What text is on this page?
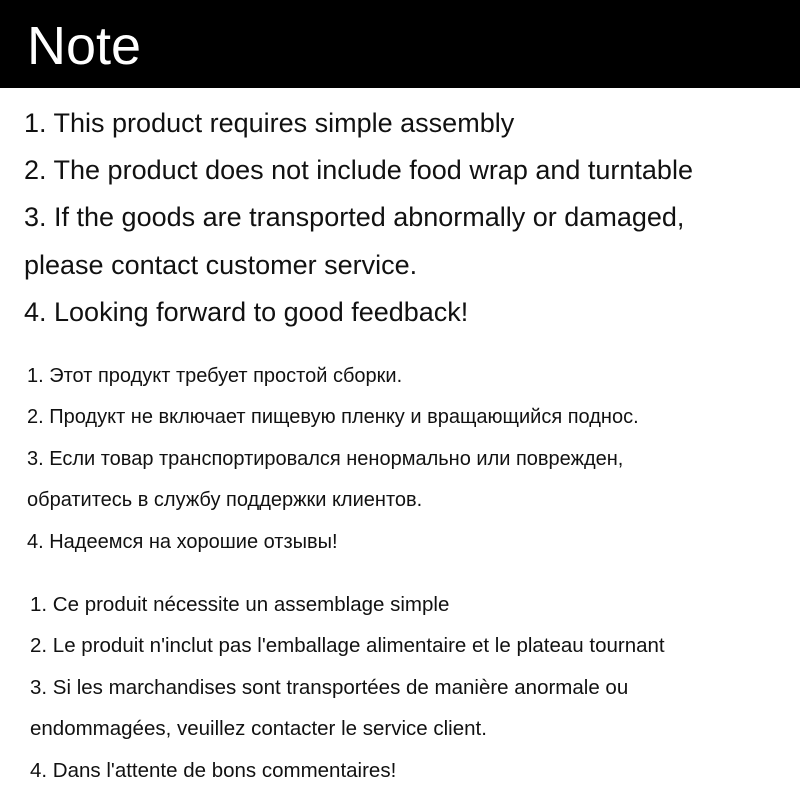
Note
1. This product requires simple assembly
2. The product does not include food wrap and turntable
3. If the goods are transported abnormally or damaged,
please contact customer service.
4. Looking forward to good feedback!
1. Этот продукт требует простой сборки.
2. Продукт не включает пищевую пленку и вращающийся поднос.
3. Если товар транспортировался ненормально или поврежден,
обратитесь в службу поддержки клиентов.
4. Надеемся на хорошие отзывы!
1. Ce produit nécessite un assemblage simple
2. Le produit n'inclut pas l'emballage alimentaire et le plateau tournant
3. Si les marchandises sont transportées de manière anormale ou
endommagées, veuillez contacter le service client.
4. Dans l'attente de bons commentaires!
